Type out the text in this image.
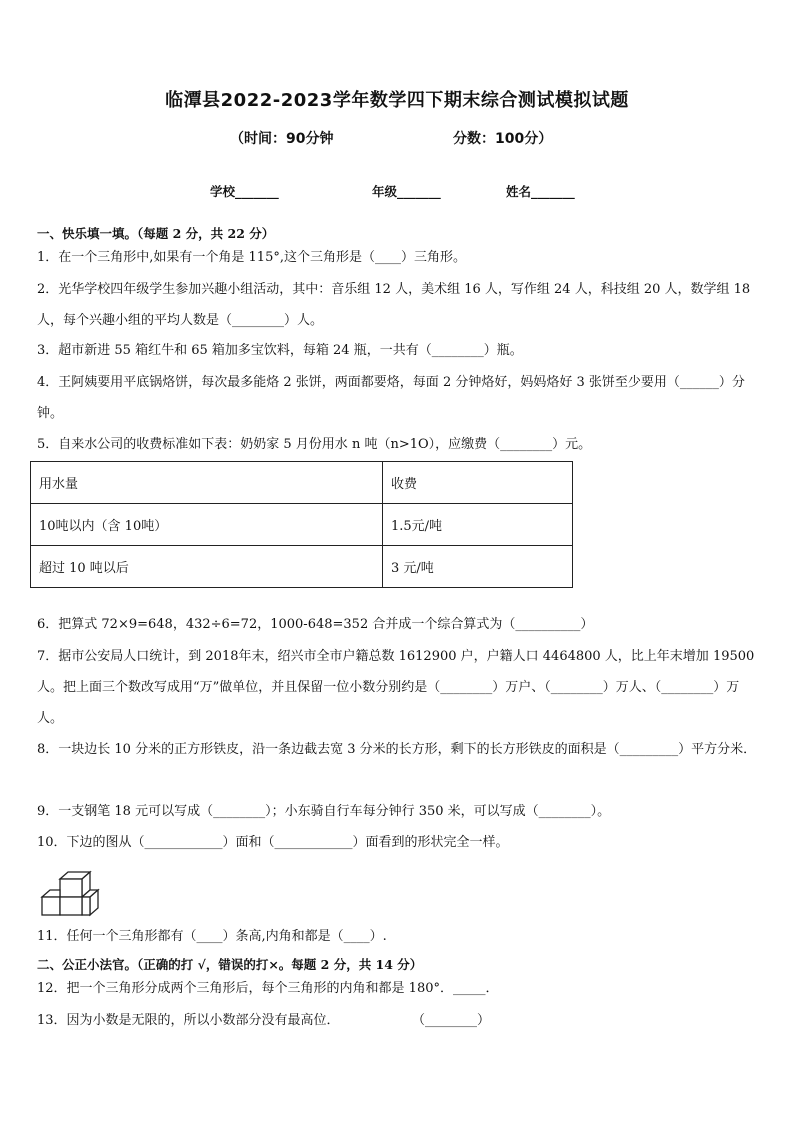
临潭县2022-2023学年数学四下期末综合测试模拟试题
（时间：90分钟	分数：100分）
学校_______	年级_______	姓名_______
一、快乐填一填。（每题 2 分，共 22 分）
1．在一个三角形中,如果有一个角是 115°,这个三角形是（____）三角形。
2．光华学校四年级学生参加兴趣小组活动，其中：音乐组 12 人，美术组 16 人，写作组 24 人，科技组 20 人，数学组 18 人，每个兴趣小组的平均人数是（________）人。
3．超市新进 55 箱红牛和 65 箱加多宝饮料，每箱 24 瓶，一共有（________）瓶。
4．王阿姨要用平底锅烙饼，每次最多能烙 2 张饼，两面都要烙，每面 2 分钟烙好，妈妈烙好 3 张饼至少要用（______）分钟。
5．自来水公司的收费标准如下表：奶奶家 5 月份用水 n 吨（n>1O），应缴费（________）元。
用水量	收费
10吨以内（含 10吨）	1.5元/吨
超过 10 吨以后	3 元/吨
6．把算式 72×9=648，432÷6=72，1000-648=352 合并成一个综合算式为（__________）
7．据市公安局人口统计，到 2018年末，绍兴市全市户籍总数 1612900 户，户籍人口 4464800 人，比上年末增加 19500 人。把上面三个数改写成用“万”做单位，并且保留一位小数分别约是（________）万户、（________）万人、（________）万人。
8．一块边长 10 分米的正方形铁皮，沿一条边截去宽 3 分米的长方形，剩下的长方形铁皮的面积是（_________）平方分米．
9．一支钢笔 18 元可以写成（________）；小东骑自行车每分钟行 350 米，可以写成（________）。
10．下边的图从（____________）面和（____________）面看到的形状完全一样。
11．任何一个三角形都有（____）条高,内角和都是（____）.
二、公正小法官。（正确的打 √，错误的打×。每题 2 分，共 14 分）
12．把一个三角形分成两个三角形后，每个三角形的内角和都是 180°．_____．
13．因为小数是无限的，所以小数部分没有最高位．	（________）
